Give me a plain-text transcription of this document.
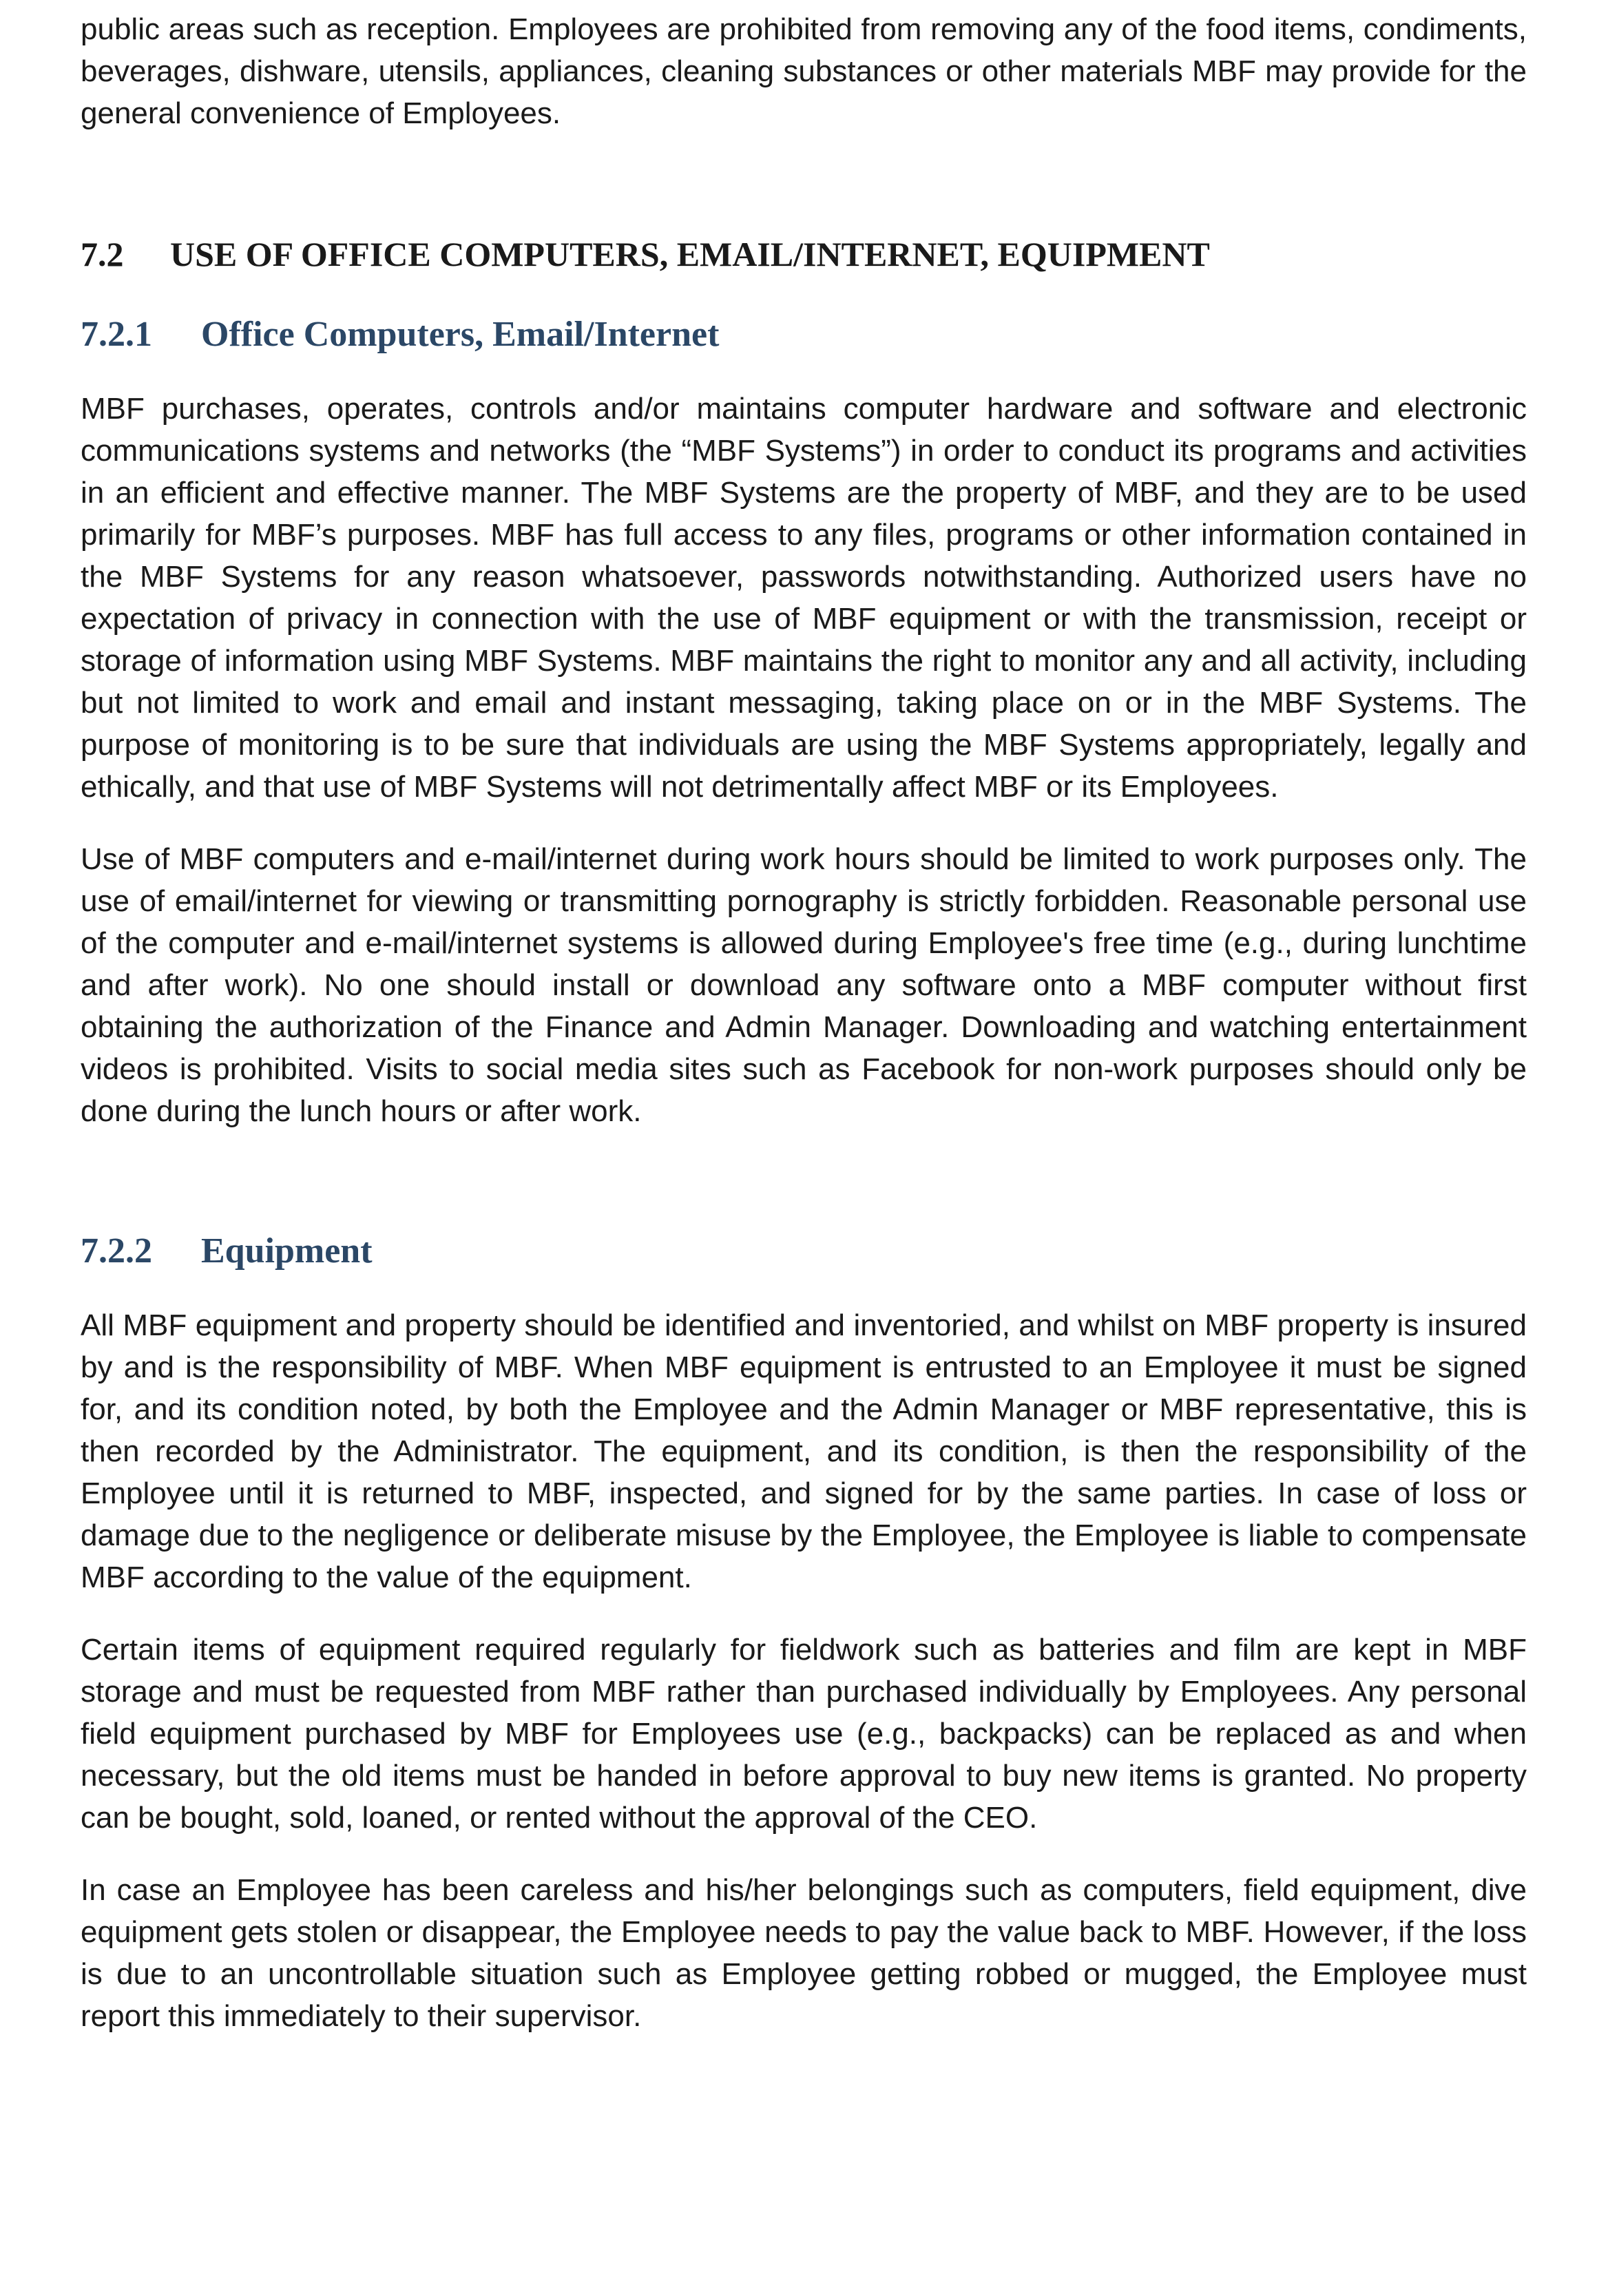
public areas such as reception. Employees are prohibited from removing any of the food items, condiments, beverages, dishware, utensils, appliances, cleaning substances or other materials MBF may provide for the general convenience of Employees.

7.2	USE OF OFFICE COMPUTERS, EMAIL/INTERNET, EQUIPMENT
7.2.1	Office Computers, Email/Internet

MBF purchases, operates, controls and/or maintains computer hardware and software and electronic communications systems and networks (the “MBF Systems”) in order to conduct its programs and activities in an efficient and effective manner. The MBF Systems are the property of MBF, and they are to be used primarily for MBF’s purposes. MBF has full access to any files, programs or other information contained in the MBF Systems for any reason whatsoever, passwords notwithstanding. Authorized users have no expectation of privacy in connection with the use of MBF equipment or with the transmission, receipt or storage of information using MBF Systems. MBF maintains the right to monitor any and all activity, including but not limited to work and email and instant messaging, taking place on or in the MBF Systems. The purpose of monitoring is to be sure that individuals are using the MBF Systems appropriately, legally and ethically, and that use of MBF Systems will not detrimentally affect MBF or its Employees.

Use of MBF computers and e-mail/internet during work hours should be limited to work purposes only. The use of email/internet for viewing or transmitting pornography is strictly forbidden. Reasonable personal use of the computer and e-mail/internet systems is allowed during Employee's free time (e.g., during lunchtime and after work). No one should install or download any software onto a MBF computer without first obtaining the authorization of the Finance and Admin Manager. Downloading and watching entertainment videos is prohibited. Visits to social media sites such as Facebook for non-work purposes should only be done during the lunch hours or after work.

7.2.2	Equipment

All MBF equipment and property should be identified and inventoried, and whilst on MBF property is insured by and is the responsibility of MBF. When MBF equipment is entrusted to an Employee it must be signed for, and its condition noted, by both the Employee and the Admin Manager or MBF representative, this is then recorded by the Administrator. The equipment, and its condition, is then the responsibility of the Employee until it is returned to MBF, inspected, and signed for by the same parties. In case of loss or damage due to the negligence or deliberate misuse by the Employee, the Employee is liable to compensate MBF according to the value of the equipment.

Certain items of equipment required regularly for fieldwork such as batteries and film are kept in MBF storage and must be requested from MBF rather than purchased individually by Employees. Any personal field equipment purchased by MBF for Employees use (e.g., backpacks) can be replaced as and when necessary, but the old items must be handed in before approval to buy new items is granted. No property can be bought, sold, loaned, or rented without the approval of the CEO.

In case an Employee has been careless and his/her belongings such as computers, field equipment, dive equipment gets stolen or disappear, the Employee needs to pay the value back to MBF. However, if the loss is due to an uncontrollable situation such as Employee getting robbed or mugged, the Employee must report this immediately to their supervisor.
